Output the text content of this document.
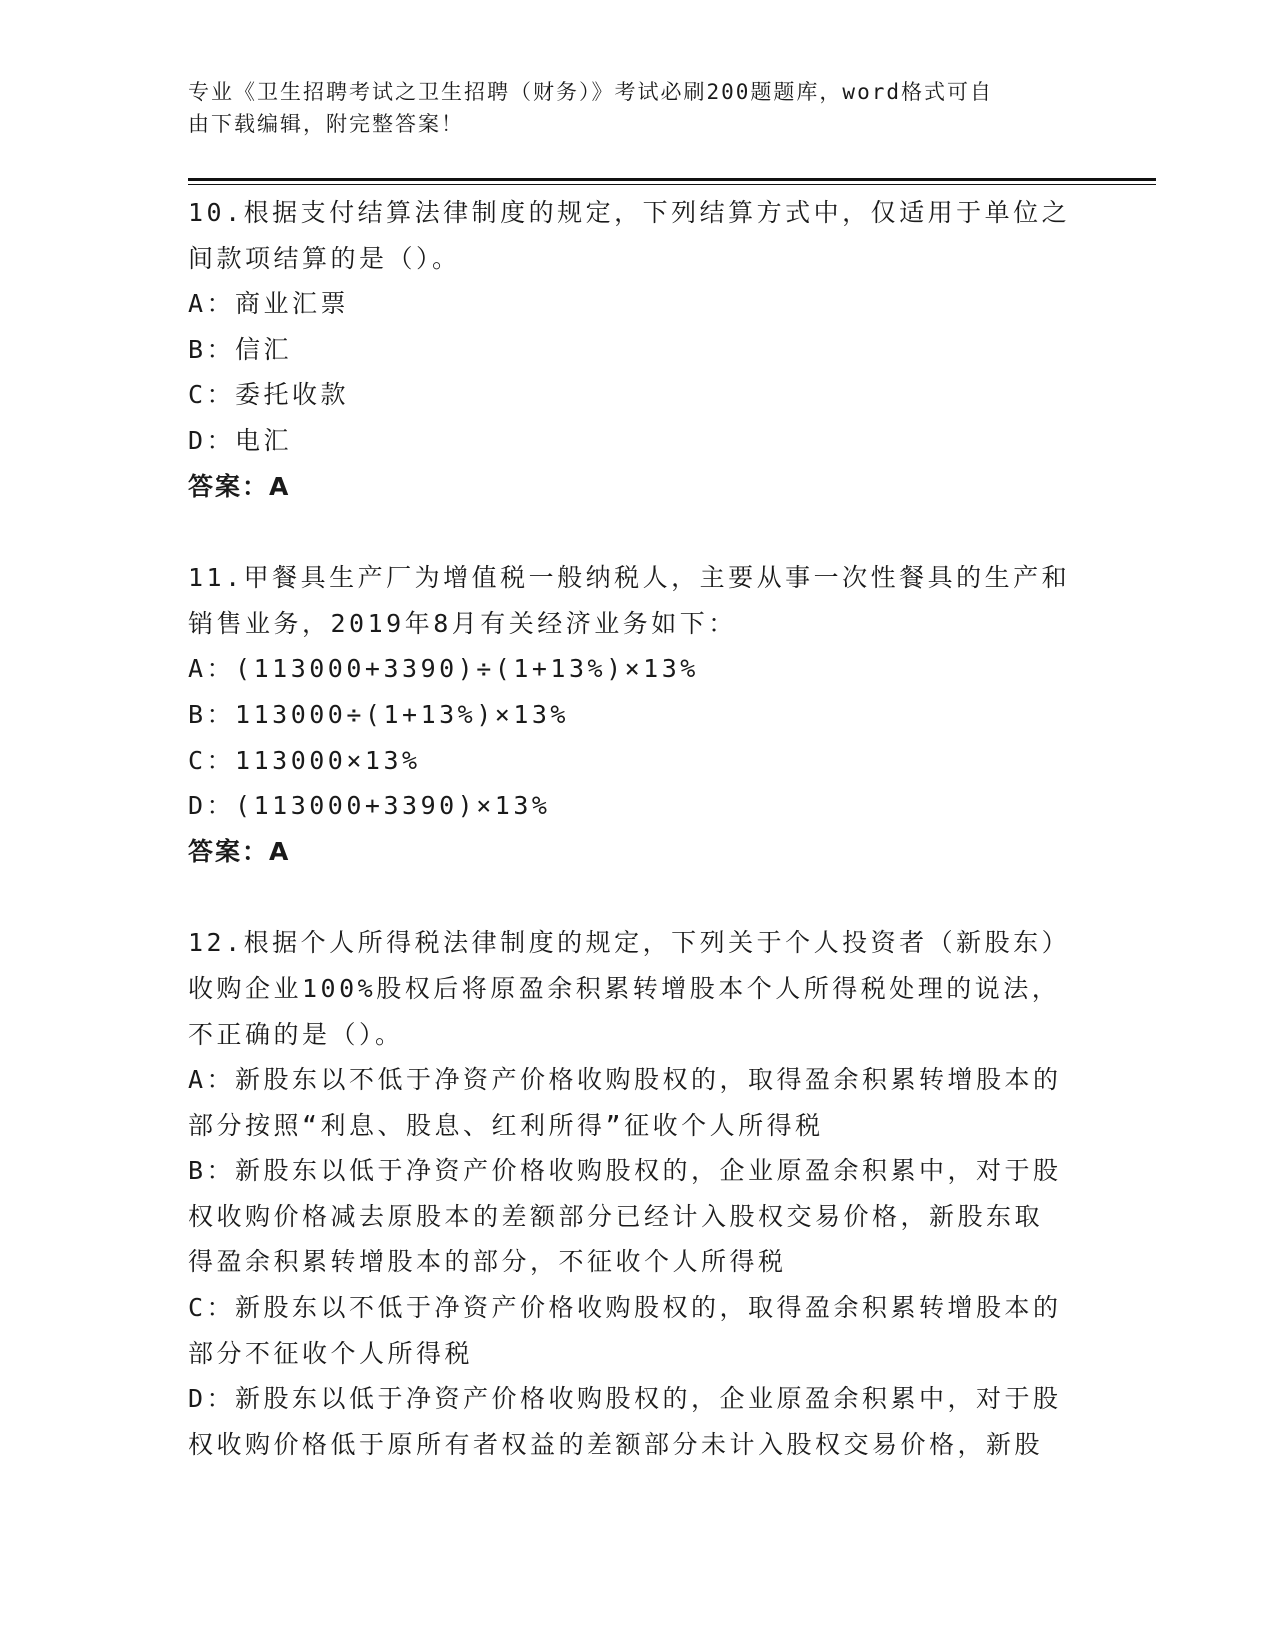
专业《卫生招聘考试之卫生招聘（财务）》考试必刷200题题库，word格式可自
由下载编辑，附完整答案！
10.根据支付结算法律制度的规定，下列结算方式中，仅适用于单位之
间款项结算的是（）。
A：商业汇票
B：信汇
C：委托收款
D：电汇
答案：A
11.甲餐具生产厂为增值税一般纳税人，主要从事一次性餐具的生产和
销售业务，2019年8月有关经济业务如下：
A：(113000+3390)÷(1+13%)×13%
B：113000÷(1+13%)×13%
C：113000×13%
D：(113000+3390)×13%
答案：A
12.根据个人所得税法律制度的规定，下列关于个人投资者（新股东）
收购企业100%股权后将原盈余积累转增股本个人所得税处理的说法，
不正确的是（）。
A：新股东以不低于净资产价格收购股权的，取得盈余积累转增股本的
部分按照“利息、股息、红利所得”征收个人所得税
B：新股东以低于净资产价格收购股权的，企业原盈余积累中，对于股
权收购价格减去原股本的差额部分已经计入股权交易价格，新股东取
得盈余积累转增股本的部分，不征收个人所得税
C：新股东以不低于净资产价格收购股权的，取得盈余积累转增股本的
部分不征收个人所得税
D：新股东以低于净资产价格收购股权的，企业原盈余积累中，对于股
权收购价格低于原所有者权益的差额部分未计入股权交易价格，新股
